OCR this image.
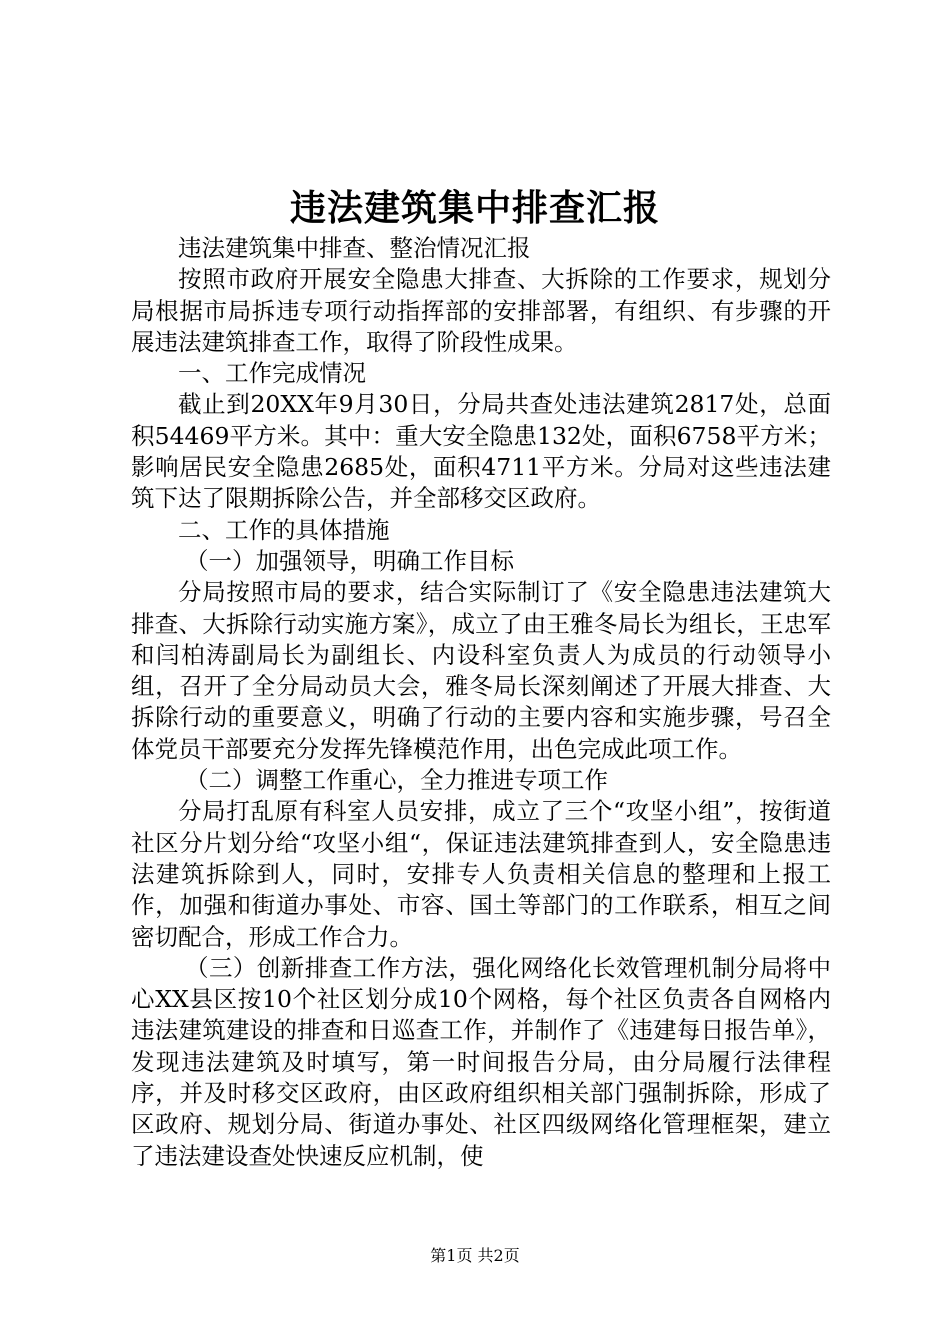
违法建筑集中排查汇报

违法建筑集中排查、整治情况汇报

按照市政府开展安全隐患大排查、大拆除的工作要求，规划分局根据市局拆违专项行动指挥部的安排部署，有组织、有步骤的开展违法建筑排查工作，取得了阶段性成果。

一、工作完成情况

截止到20XX年9月30日，分局共查处违法建筑2817处，总面积54469平方米。其中：重大安全隐患132处，面积6758平方米；影响居民安全隐患2685处，面积4711平方米。分局对这些违法建筑下达了限期拆除公告，并全部移交区政府。

二、工作的具体措施

（一）加强领导，明确工作目标

分局按照市局的要求，结合实际制订了《安全隐患违法建筑大排查、大拆除行动实施方案》，成立了由王雅冬局长为组长，王忠军和闫柏涛副局长为副组长、内设科室负责人为成员的行动领导小组，召开了全分局动员大会，雅冬局长深刻阐述了开展大排查、大拆除行动的重要意义，明确了行动的主要内容和实施步骤，号召全体党员干部要充分发挥先锋模范作用，出色完成此项工作。

（二）调整工作重心，全力推进专项工作

分局打乱原有科室人员安排，成立了三个“攻坚小组”，按街道社区分片划分给“攻坚小组“，保证违法建筑排查到人，安全隐患违法建筑拆除到人，同时，安排专人负责相关信息的整理和上报工作，加强和街道办事处、市容、国土等部门的工作联系，相互之间密切配合，形成工作合力。

（三）创新排查工作方法，强化网络化长效管理机制分局将中心XX县区按10个社区划分成10个网格，每个社区负责各自网格内违法建筑建设的排查和日巡查工作，并制作了《违建每日报告单》，发现违法建筑及时填写，第一时间报告分局，由分局履行法律程序，并及时移交区政府，由区政府组织相关部门强制拆除，形成了区政府、规划分局、街道办事处、社区四级网络化管理框架，建立了违法建设查处快速反应机制，使

第1页 共2页
